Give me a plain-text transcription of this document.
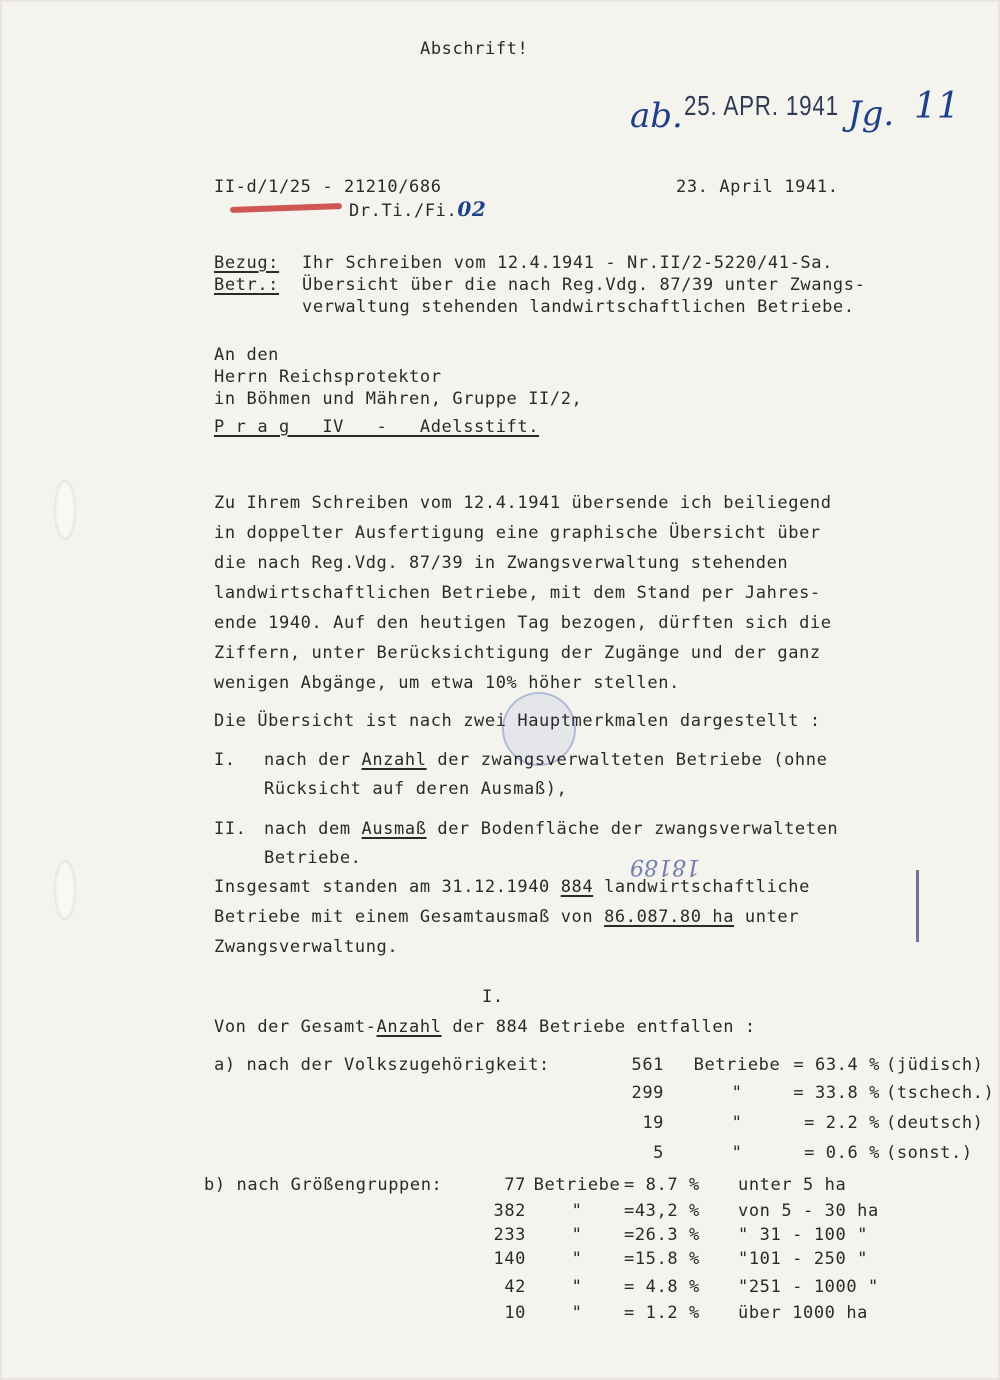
Abschrift!
ab. 25. APR. 1941 Jg. 11
II-d/1/25 - 21210/686	23. April 1941.
Dr.Ti./Fi.02
Bezug: Ihr Schreiben vom 12.4.1941 - Nr.II/2-5220/41-Sa.
Betr.: Übersicht über die nach Reg.Vdg. 87/39 unter Zwangs-
verwaltung stehenden landwirtschaftlichen Betriebe.
An den
Herrn Reichsprotektor
in Böhmen und Mähren, Gruppe II/2,
P r a g   IV   -   Adelsstift.
Zu Ihrem Schreiben vom 12.4.1941 übersende ich beiliegend
in doppelter Ausfertigung eine graphische Übersicht über
die nach Reg.Vdg. 87/39 in Zwangsverwaltung stehenden
landwirtschaftlichen Betriebe, mit dem Stand per Jahres-
ende 1940. Auf den heutigen Tag bezogen, dürften sich die
Ziffern, unter Berücksichtigung der Zugänge und der ganz
wenigen Abgänge, um etwa 10% höher stellen.
Die Übersicht ist nach zwei Hauptmerkmalen dargestellt :
I. nach der Anzahl der zwangsverwalteten Betriebe (ohne
Rücksicht auf deren Ausmaß),
II. nach dem Ausmaß der Bodenfläche der zwangsverwalteten
Betriebe.	18189
Insgesamt standen am 31.12.1940 884 landwirtschaftliche
Betriebe mit einem Gesamtausmaß von 86.087.80 ha unter
Zwangsverwaltung.
I.
Von der Gesamt-Anzahl der 884 Betriebe entfallen :
a) nach der Volkszugehörigkeit:	561 Betriebe = 63.4 % (jüdisch)
299	"	= 33.8 % (tschech.)
19	"	= 2.2 % (deutsch)
5	"	= 0.6 % (sonst.)
b) nach Größengruppen:	77 Betriebe = 8.7 %	unter 5 ha
382	"	=43,2 %	von 5 - 30 ha
233	"	=26.3 %	" 31 - 100 "
140	"	=15.8 %	"101 - 250 "
42	"	= 4.8 %	"251 - 1000 "
10	"	= 1.2 %	über 1000 ha
